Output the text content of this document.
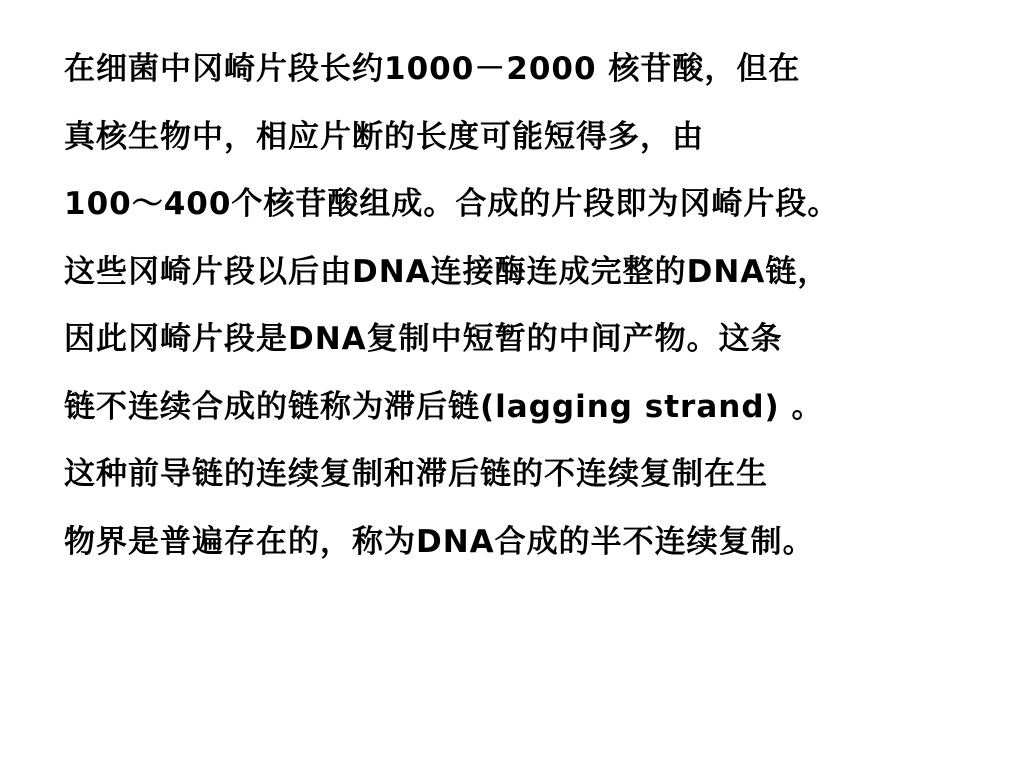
在细菌中冈崎片段长约1000－2000 核苷酸，但在
真核生物中，相应片断的长度可能短得多，由
100～400个核苷酸组成。合成的片段即为冈崎片段。
这些冈崎片段以后由DNA连接酶连成完整的DNA链，
因此冈崎片段是DNA复制中短暂的中间产物。这条
链不连续合成的链称为滞后链(lagging strand) 。
这种前导链的连续复制和滞后链的不连续复制在生
物界是普遍存在的，称为DNA合成的半不连续复制。
